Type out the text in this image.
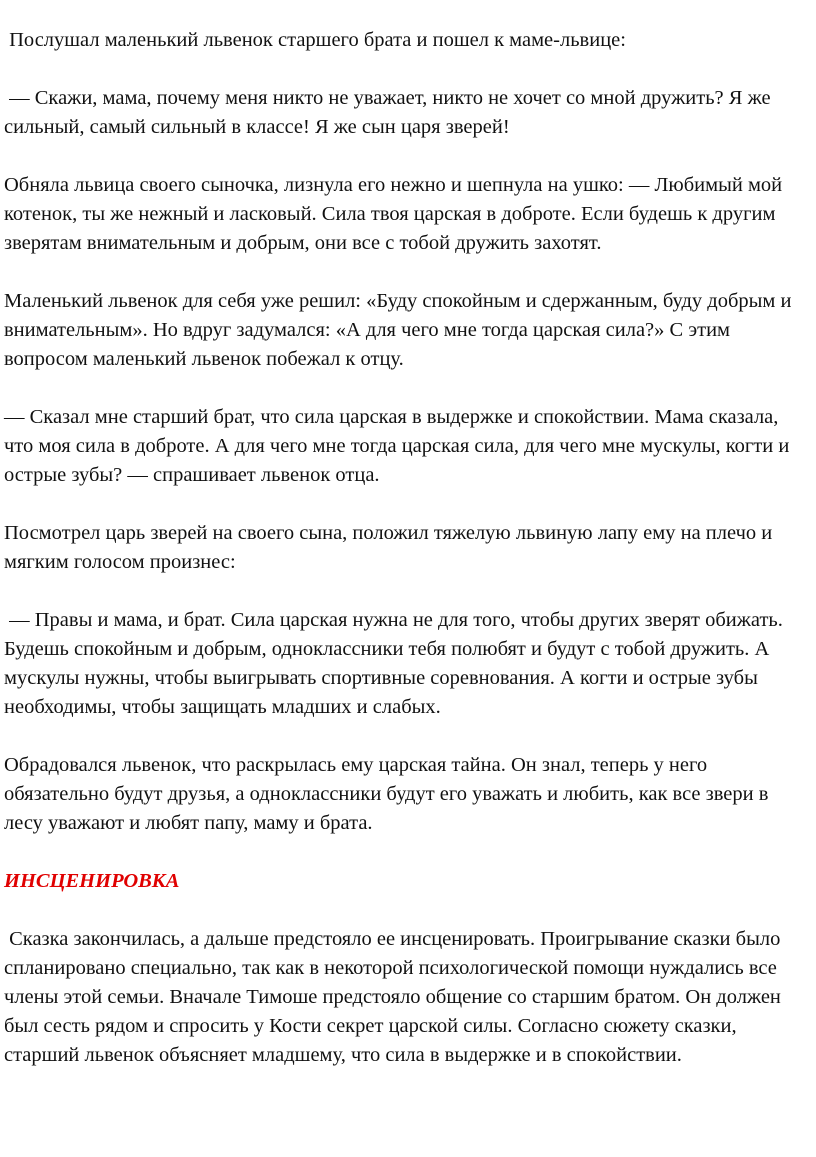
Послушал маленький львенок старшего брата и пошел к маме-львице:

— Скажи, мама, почему меня никто не уважает, никто не хочет со мной дружить? Я же сильный, самый сильный в классе! Я же сын царя зверей!

Обняла львица своего сыночка, лизнула его нежно и шепнула на ушко: — Любимый мой котенок, ты же нежный и ласковый. Сила твоя царская в доброте. Если будешь к другим зверятам внимательным и добрым, они все с тобой дружить захотят.

Маленький львенок для себя уже решил: «Буду спокойным и сдержанным, буду добрым и внимательным». Но вдруг задумался: «А для чего мне тогда царская сила?» С этим вопросом маленький львенок побежал к отцу.

— Сказал мне старший брат, что сила царская в выдержке и спокойствии. Мама сказала, что моя сила в доброте. А для чего мне тогда царская сила, для чего мне мускулы, когти и острые зубы? — спрашивает львенок отца.

Посмотрел царь зверей на своего сына, положил тяжелую львиную лапу ему на плечо и мягким голосом произнес:

— Правы и мама, и брат. Сила царская нужна не для того, чтобы других зверят обижать. Будешь спокойным и добрым, одноклассники тебя полюбят и будут с тобой дружить. А мускулы нужны, чтобы выигрывать спортивные соревнования. А когти и острые зубы необходимы, чтобы защищать младших и слабых.

Обрадовался львенок, что раскрылась ему царская тайна. Он знал, теперь у него обязательно будут друзья, а одноклассники будут его уважать и любить, как все звери в лесу уважают и любят папу, маму и брата.

ИНСЦЕНИРОВКА

Сказка закончилась, а дальше предстояло ее инсценировать. Проигрывание сказки было спланировано специально, так как в некоторой психологической помощи нуждались все члены этой семьи. Вначале Тимоше предстояло общение со старшим братом. Он должен был сесть рядом и спросить у Кости секрет царской силы. Согласно сюжету сказки, старший львенок объясняет младшему, что сила в выдержке и в спокойствии.
